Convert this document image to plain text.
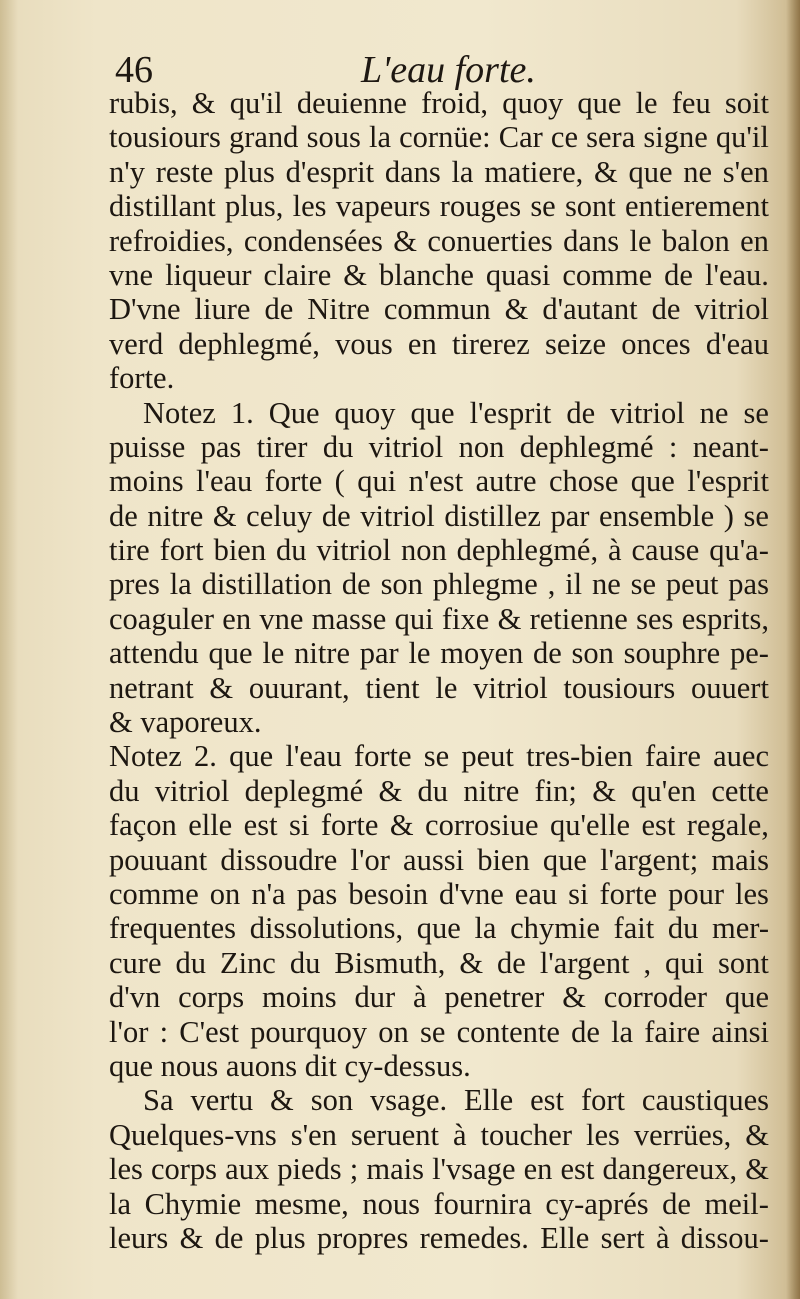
46	L'eau forte.
rubis, & qu'il deuienne froid, quoy que le feu soit
tousiours grand sous la cornüe: Car ce sera signe qu'il
n'y reste plus d'esprit dans la matiere, & que ne s'en
distillant plus, les vapeurs rouges se sont entierement
refroidies, condensées & conuerties dans le balon en
vne liqueur claire & blanche quasi comme de l'eau.
D'vne liure de Nitre commun & d'autant de vitriol
verd dephlegmé, vous en tirerez seize onces d'eau
forte.
Notez 1. Que quoy que l'esprit de vitriol ne se
puisse pas tirer du vitriol non dephlegmé : neant-
moins l'eau forte ( qui n'est autre chose que l'esprit
de nitre & celuy de vitriol distillez par ensemble ) se
tire fort bien du vitriol non dephlegmé, à cause qu'a-
pres la distillation de son phlegme , il ne se peut pas
coaguler en vne masse qui fixe & retienne ses esprits,
attendu que le nitre par le moyen de son souphre pe-
netrant & ouurant, tient le vitriol tousiours ouuert
& vaporeux.
Notez 2. que l'eau forte se peut tres-bien faire auec
du vitriol deplegmé & du nitre fin; & qu'en cette
façon elle est si forte & corrosiue qu'elle est regale,
pouuant dissoudre l'or aussi bien que l'argent; mais
comme on n'a pas besoin d'vne eau si forte pour les
frequentes dissolutions, que la chymie fait du mer-
cure du Zinc du Bismuth, & de l'argent , qui sont
d'vn corps moins dur à penetrer & corroder que
l'or : C'est pourquoy on se contente de la faire ainsi
que nous auons dit cy-dessus.
Sa vertu & son vsage. Elle est fort caustiques
Quelques-vns s'en seruent à toucher les verrües, &
les corps aux pieds ; mais l'vsage en est dangereux, &
la Chymie mesme, nous fournira cy-aprés de meil-
leurs & de plus propres remedes. Elle sert à dissou-
